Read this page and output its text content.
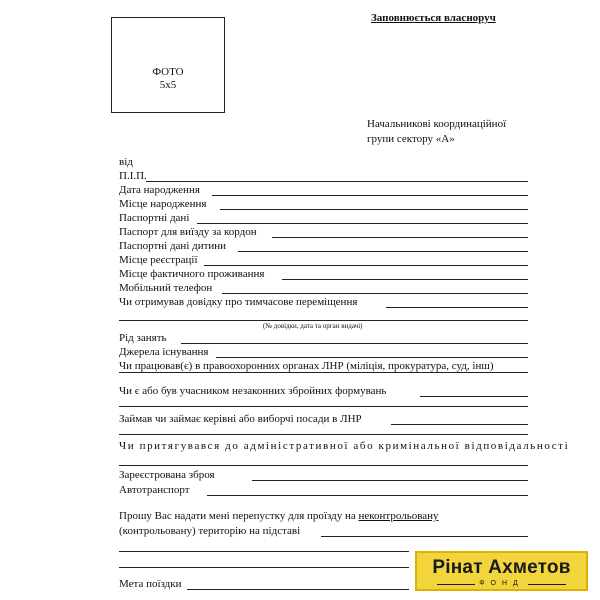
Заповнюється власноруч
ФОТО
5х5
Начальникові координаційної
групи сектору «А»
від
П.І.П.
Дата народження
Місце народження
Паспортні дані
Паспорт для виїзду за кордон
Паспортні дані дитини
Місце реєстрації
Місце фактичного проживання
Мобільний телефон
Чи отримував довідку про тимчасове переміщення
(№ довідки, дата та орган видачі)
Рід занять
Джерела існування
Чи працював(є) в правоохоронних органах ЛНР (міліція, прокуратура, суд, інш)
Чи є або був учасником незаконних збройних формувань
Займав чи займає керівні або виборчі посади в ЛНР
Чи притягувався до адміністративної або кримінальної відповідальності
Зареєстрована зброя
Автотранспорт
Прошу Вас надати мені перепустку для проїзду на неконтрольовану
(контрольовану) територію на підставі
Мета поїздки
Рінат Ахметов
ФОНД
